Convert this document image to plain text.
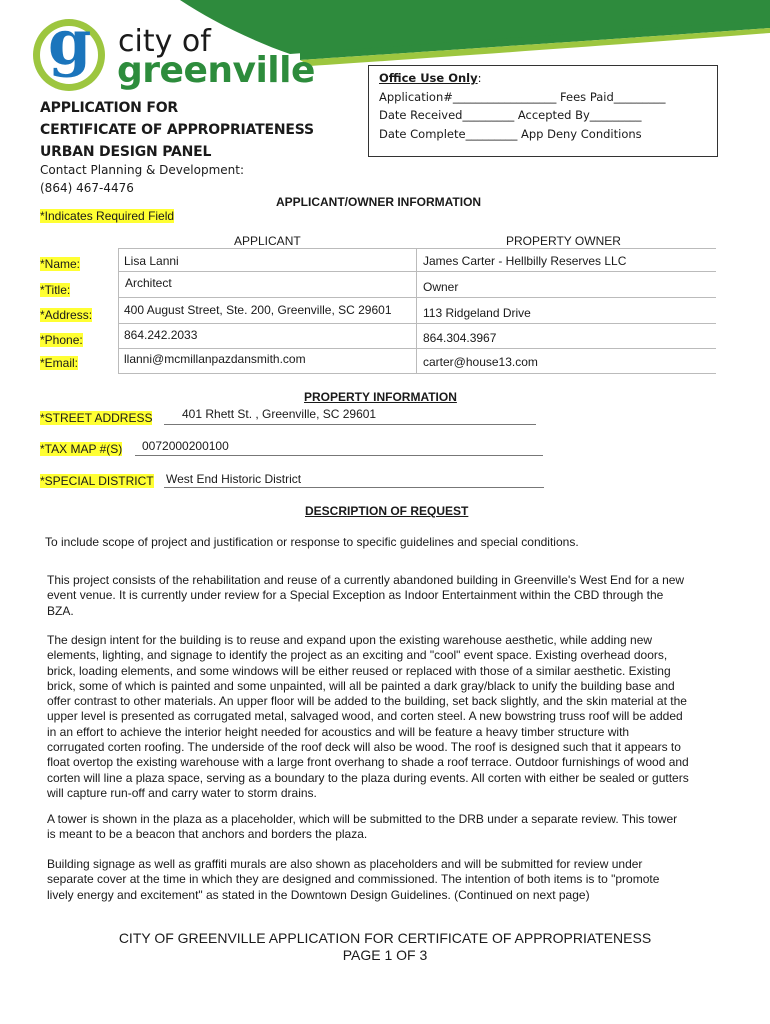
g city of
greenville	Office Use Only:
Application#__________________ Fees Paid_________
Date Received_________ Accepted By_________
Date Complete_________ App Deny Conditions
APPLICATION FOR
CERTIFICATE OF APPROPRIATENESS
URBAN DESIGN PANEL
Contact Planning & Development:
(864) 467-4476
APPLICANT/OWNER INFORMATION
*Indicates Required Field
APPLICANT	PROPERTY OWNER
*Name:	Lisa Lanni	James Carter - Hellbilly Reserves LLC
*Title:	Architect	Owner
*Address:	400 August Street, Ste. 200, Greenville, SC 29601	113 Ridgeland Drive
*Phone:	864.242.2033	864.304.3967
*Email:	llanni@mcmillanpazdansmith.com	carter@house13.com
PROPERTY INFORMATION
*STREET ADDRESS 401 Rhett St. , Greenville, SC 29601
*TAX MAP #(S) 0072000200100
*SPECIAL DISTRICT West End Historic District
DESCRIPTION OF REQUEST
To include scope of project and justification or response to specific guidelines and special conditions.
This project consists of the rehabilitation and reuse of a currently abandoned building in Greenville's West End for a new event venue. It is currently under review for a Special Exception as Indoor Entertainment within the CBD through the BZA.
The design intent for the building is to reuse and expand upon the existing warehouse aesthetic, while adding new elements, lighting, and signage to identify the project as an exciting and "cool" event space. Existing overhead doors, brick, loading elements, and some windows will be either reused or replaced with those of a similar aesthetic. Existing brick, some of which is painted and some unpainted, will all be painted a dark gray/black to unify the building base and offer contrast to other materials. An upper floor will be added to the building, set back slightly, and the skin material at the upper level is presented as corrugated metal, salvaged wood, and corten steel. A new bowstring truss roof will be added in an effort to achieve the interior height needed for acoustics and will be feature a heavy timber structure with corrugated corten roofing. The underside of the roof deck will also be wood. The roof is designed such that it appears to float overtop the existing warehouse with a large front overhang to shade a roof terrace. Outdoor furnishings of wood and corten will line a plaza space, serving as a boundary to the plaza during events. All corten with either be sealed or gutters will capture run-off and carry water to storm drains.
A tower is shown in the plaza as a placeholder, which will be submitted to the DRB under a separate review. This tower is meant to be a beacon that anchors and borders the plaza.
Building signage as well as graffiti murals are also shown as placeholders and will be submitted for review under separate cover at the time in which they are designed and commissioned. The intention of both items is to "promote lively energy and excitement" as stated in the Downtown Design Guidelines. (Continued on next page)
CITY OF GREENVILLE APPLICATION FOR CERTIFICATE OF APPROPRIATENESS
PAGE 1 OF 3
